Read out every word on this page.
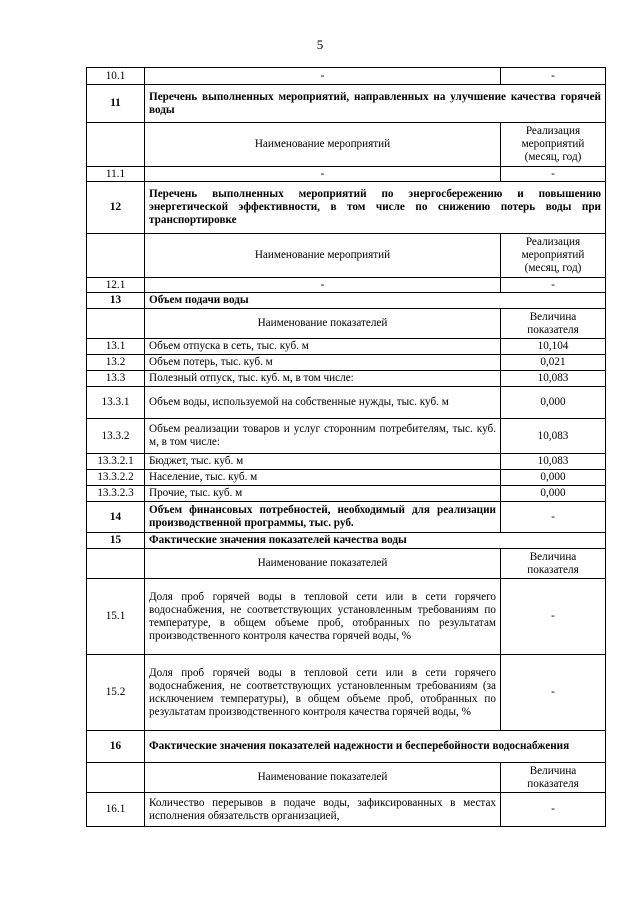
5
10.1	-	-
11	Перечень выполненных мероприятий, направленных на улучшение качества горячей воды	
	Наименование мероприятий	Реализация мероприятий (месяц, год)
11.1	-	-
12	Перечень выполненных мероприятий по энергосбережению и повышению энергетической эффективности, в том числе по снижению потерь воды при транспортировке	
	Наименование мероприятий	Реализация мероприятий (месяц, год)
12.1	-	-
13	Объем подачи воды	
	Наименование показателей	Величина показателя
13.1	Объем отпуска в сеть, тыс. куб. м	10,104
13.2	Объем потерь, тыс. куб. м	0,021
13.3	Полезный отпуск, тыс. куб. м, в том числе:	10,083
13.3.1	Объем воды, используемой на собственные нужды, тыс. куб. м	0,000
13.3.2	Объем реализации товаров и услуг сторонним потребителям, тыс. куб. м, в том числе:	10,083
13.3.2.1	Бюджет, тыс. куб. м	10,083
13.3.2.2	Население, тыс. куб. м	0,000
13.3.2.3	Прочие, тыс. куб. м	0,000
14	Объем финансовых потребностей, необходимый для реализации производственной программы, тыс. руб.	-
15	Фактические значения показателей качества воды	
	Наименование показателей	Величина показателя
15.1	Доля проб горячей воды в тепловой сети или в сети горячего водоснабжения, не соответствующих установленным требованиям по температуре, в общем объеме проб, отобранных по результатам производственного контроля качества горячей воды, %	-
15.2	Доля проб горячей воды в тепловой сети или в сети горячего водоснабжения, не соответствующих установленным требованиям (за исключением температуры), в общем объеме проб, отобранных по результатам производственного контроля качества горячей воды, %	-
16	Фактические значения показателей надежности и бесперебойности водоснабжения	
	Наименование показателей	Величина показателя
16.1	Количество перерывов в подаче воды, зафиксированных в местах исполнения обязательств организацией,	-
